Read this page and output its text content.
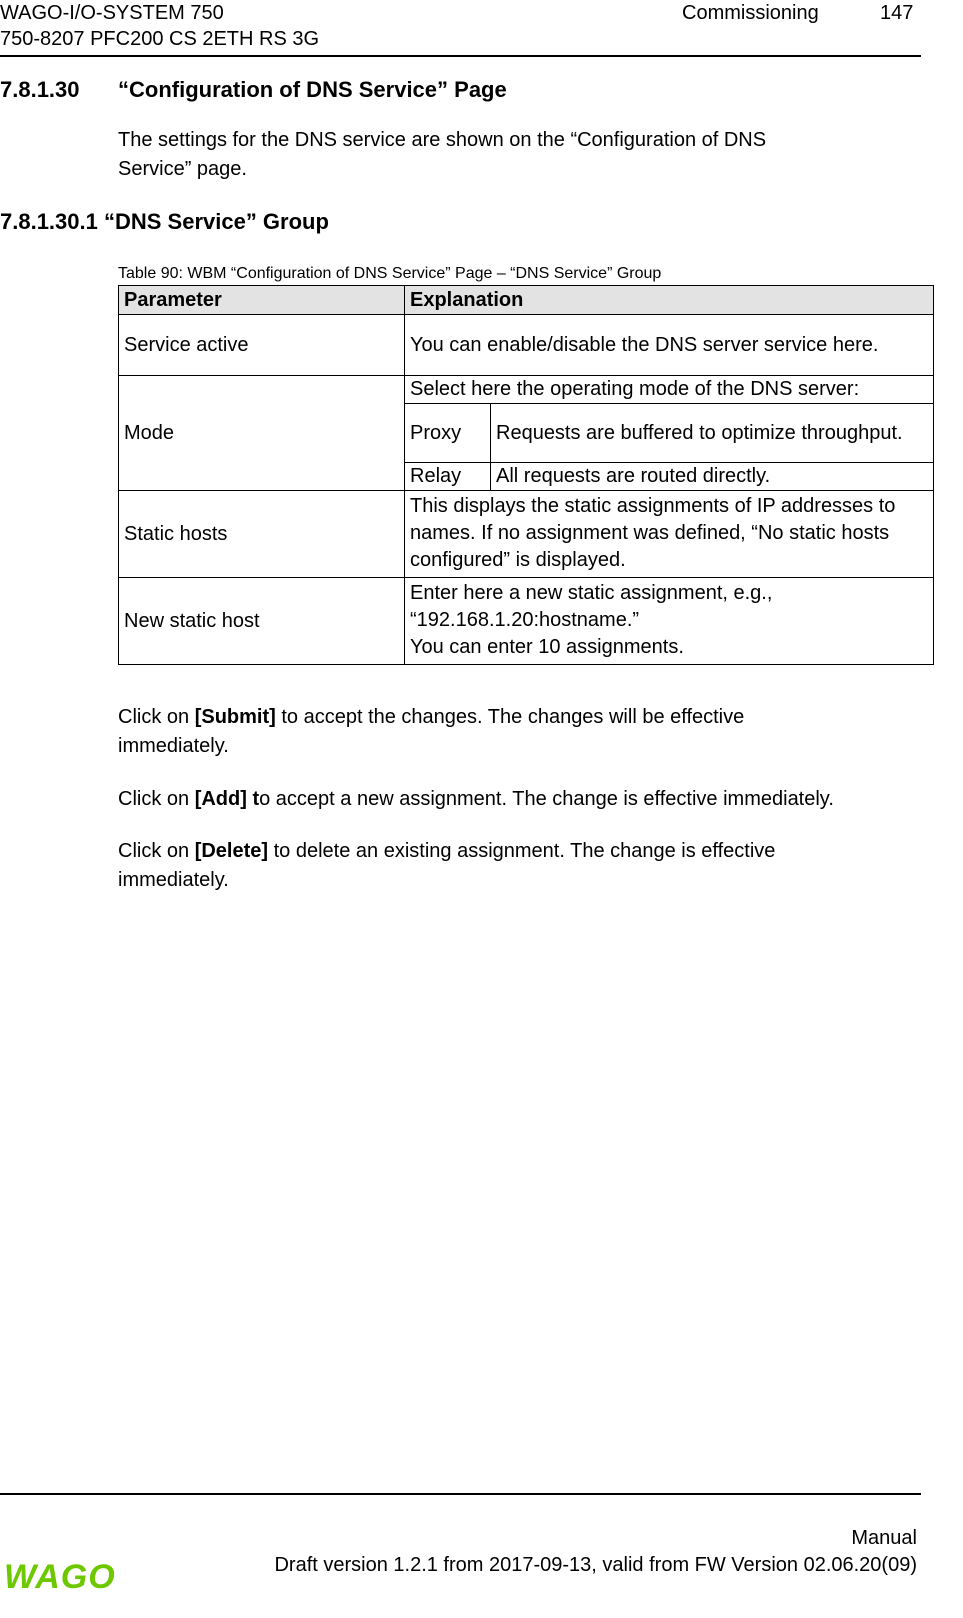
WAGO-I/O-SYSTEM 750
750-8207 PFC200 CS 2ETH RS 3G
Commissioning	147
7.8.1.30 “Configuration of DNS Service” Page
The settings for the DNS service are shown on the “Configuration of DNS
Service” page.
7.8.1.30.1 “DNS Service” Group
Table 90: WBM “Configuration of DNS Service” Page – “DNS Service” Group
Parameter	Explanation	
Service active	You can enable/disable the DNS server service here.	
Mode	Select here the operating mode of the DNS server:	
	Proxy	Requests are buffered to optimize throughput.
	Relay	All requests are routed directly.
Static hosts	This displays the static assignments of IP addresses to names. If no assignment was defined, “No static hosts configured” is displayed.	
New static host	Enter here a new static assignment, e.g.,
“192.168.1.20:hostname.”
You can enter 10 assignments.	
Click on [Submit] to accept the changes. The changes will be effective
immediately.
Click on [Add] to accept a new assignment. The change is effective immediately.
Click on [Delete] to delete an existing assignment. The change is effective
immediately.
Manual
Draft version 1.2.1 from 2017-09-13, valid from FW Version 02.06.20(09)
WAGO
